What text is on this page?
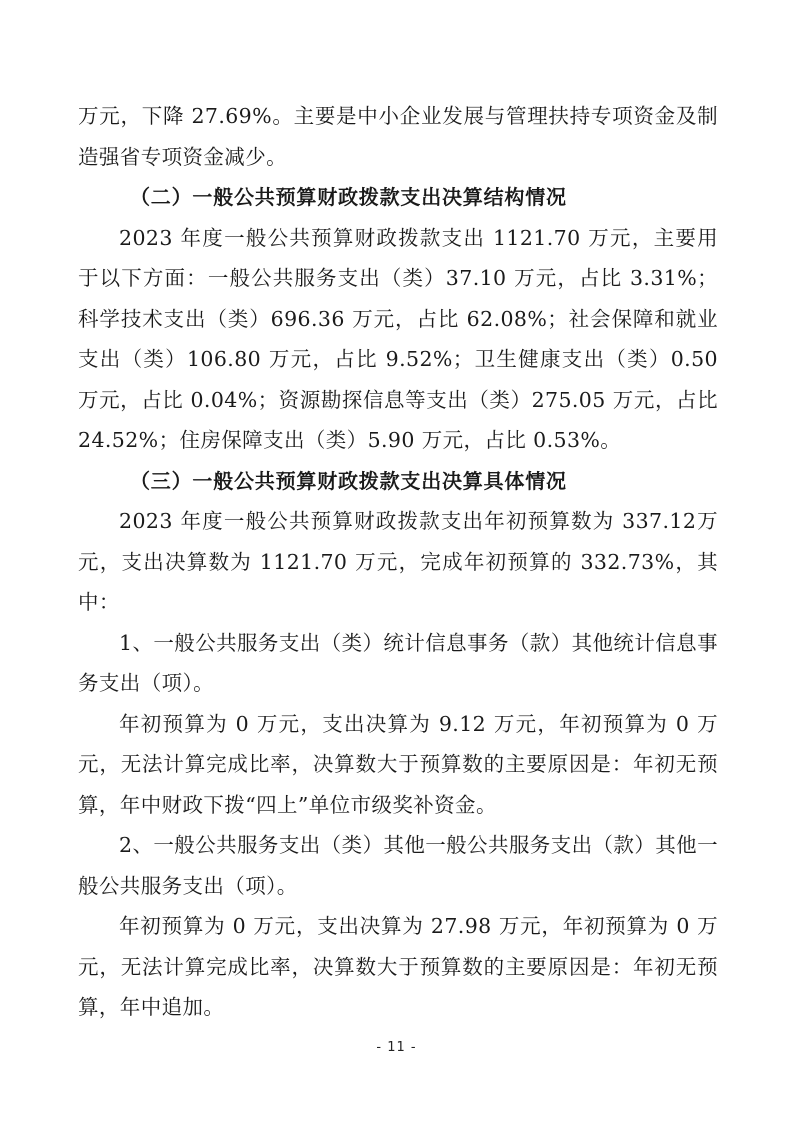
万元，下降 27.69%。主要是中小企业发展与管理扶持专项资金及制造强省专项资金减少。

（二）一般公共预算财政拨款支出决算结构情况

2023 年度一般公共预算财政拨款支出 1121.70 万元，主要用于以下方面：一般公共服务支出（类）37.10 万元，占比 3.31%；科学技术支出（类）696.36 万元，占比 62.08%；社会保障和就业支出（类）106.80 万元，占比 9.52%；卫生健康支出（类）0.50 万元，占比 0.04%；资源勘探信息等支出（类）275.05 万元，占比 24.52%；住房保障支出（类）5.90 万元，占比 0.53%。

（三）一般公共预算财政拨款支出决算具体情况

2023 年度一般公共预算财政拨款支出年初预算数为 337.12万元，支出决算数为 1121.70 万元，完成年初预算的 332.73%，其中：

1、一般公共服务支出（类）统计信息事务（款）其他统计信息事务支出（项）。

年初预算为 0 万元，支出决算为 9.12 万元，年初预算为 0 万元，无法计算完成比率，决算数大于预算数的主要原因是：年初无预算，年中财政下拨“四上”单位市级奖补资金。

2、一般公共服务支出（类）其他一般公共服务支出（款）其他一般公共服务支出（项）。

年初预算为 0 万元，支出决算为 27.98 万元，年初预算为 0 万元，无法计算完成比率，决算数大于预算数的主要原因是：年初无预算，年中追加。

- 11 -
